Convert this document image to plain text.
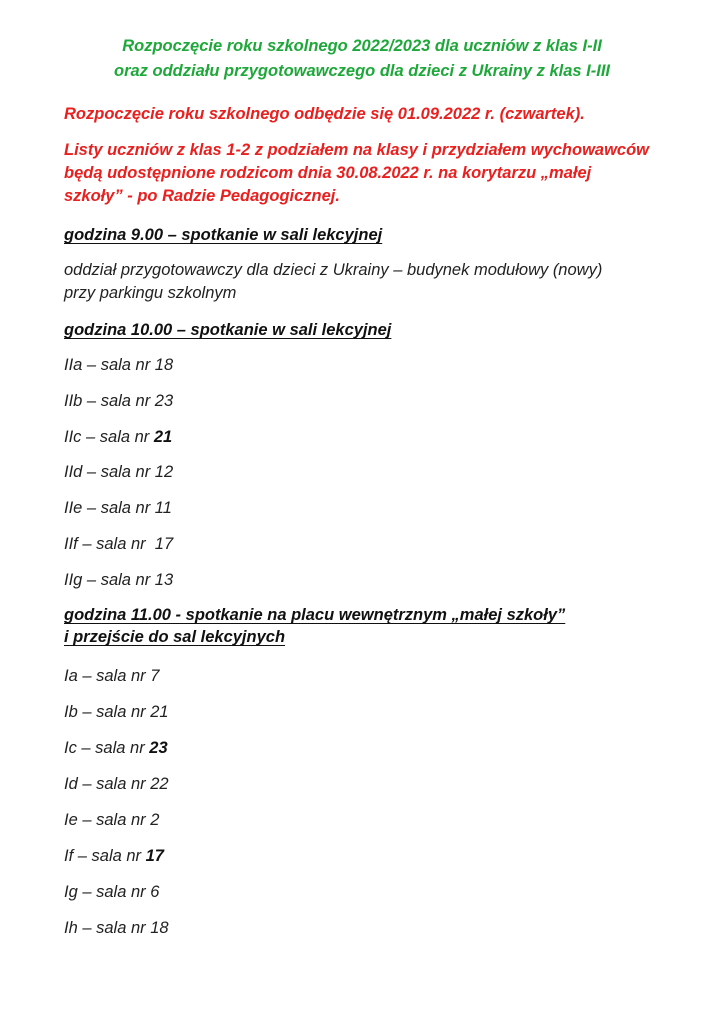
Rozpoczęcie roku szkolnego 2022/2023 dla uczniów z klas I-II
oraz oddziału przygotowawczego dla dzieci z Ukrainy z klas I-III
Rozpoczęcie roku szkolnego odbędzie się 01.09.2022 r. (czwartek).
Listy uczniów z klas 1-2 z podziałem na klasy i przydziałem wychowawców
będą udostępnione rodzicom dnia 30.08.2022 r. na korytarzu „małej
szkoły” - po Radzie Pedagogicznej.
godzina 9.00 – spotkanie w sali lekcyjnej
oddział przygotowawczy dla dzieci z Ukrainy – budynek modułowy (nowy)
przy parkingu szkolnym
godzina 10.00 – spotkanie w sali lekcyjnej
IIa – sala nr 18
IIb – sala nr 23
IIc – sala nr 21
IId – sala nr 12
IIe – sala nr 11
IIf – sala nr  17
IIg – sala nr 13
godzina 11.00 - spotkanie na placu wewnętrznym „małej szkoły”
i przejście do sal lekcyjnych
Ia – sala nr 7
Ib – sala nr 21
Ic – sala nr 23
Id – sala nr 22
Ie – sala nr 2
If – sala nr 17
Ig – sala nr 6
Ih – sala nr 18
